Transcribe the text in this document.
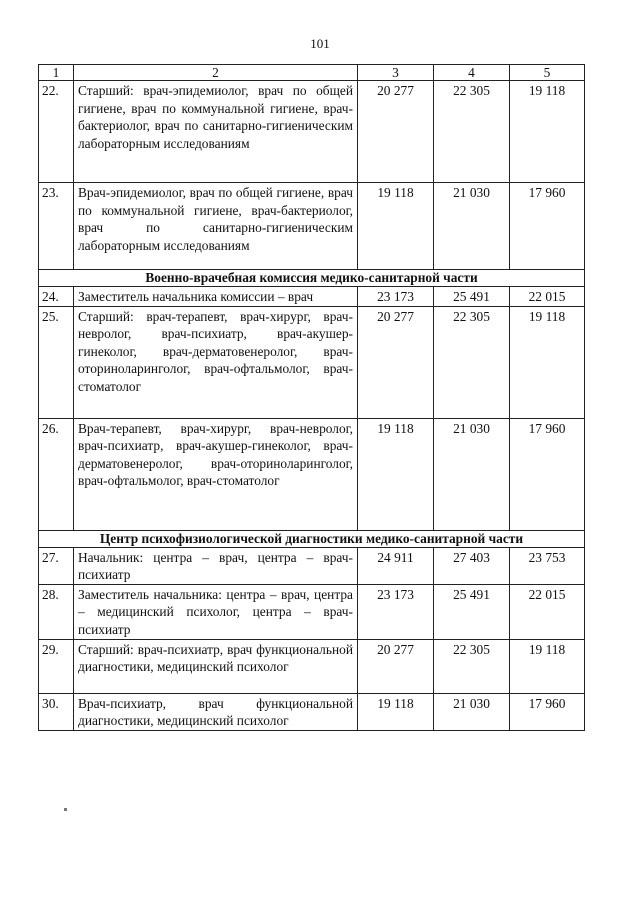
101
1	2	3	4	5
22.	Старший: врач-эпидемиолог, врач по общей гигиене, врач по коммунальной гигиене, врач-бактериолог, врач по санитарно-гигиеническим лабораторным исследованиям	20 277	22 305	19 118
23.	Врач-эпидемиолог, врач по общей гигиене, врач по коммунальной гигиене, врач-бактериолог, врач по санитарно-гигиеническим лабораторным исследованиям	19 118	21 030	17 960
Военно-врачебная комиссия медико-санитарной части				
24.	Заместитель начальника комиссии – врач	23 173	25 491	22 015
25.	Старший: врач-терапевт, врач-хирург, врач-невролог, врач-психиатр, врач-акушер-гинеколог, врач-дерматовенеролог, врач-оториноларинголог, врач-офтальмолог, врач-стоматолог	20 277	22 305	19 118
26.	Врач-терапевт, врач-хирург, врач-невролог, врач-психиатр, врач-акушер-гинеколог, врач-дерматовенеролог, врач-оториноларинголог, врач-офтальмолог, врач-стоматолог	19 118	21 030	17 960
Центр психофизиологической диагностики медико-санитарной части				
27.	Начальник: центра – врач, центра – врач-психиатр	24 911	27 403	23 753
28.	Заместитель начальника: центра – врач, центра – медицинский психолог, центра – врач-психиатр	23 173	25 491	22 015
29.	Старший: врач-психиатр, врач функциональной диагностики, медицинский психолог	20 277	22 305	19 118
30.	Врач-психиатр, врач функциональной диагностики, медицинский психолог	19 118	21 030	17 960
